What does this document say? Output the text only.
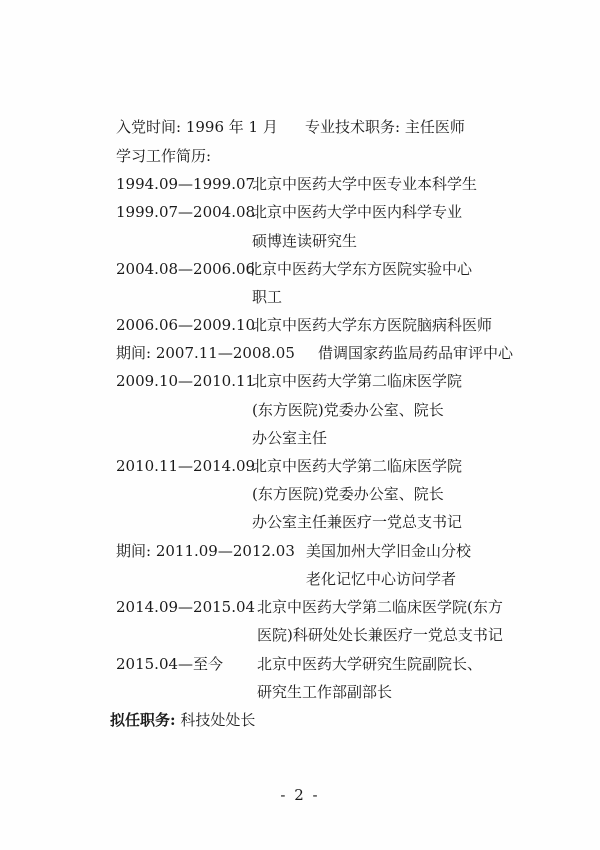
入党时间: 1996 年 1 月 专业技术职务: 主任医师
学习工作简历:
1994.09—1999.07
北京中医药大学中医专业本科学生
1999.07—2004.08
北京中医药大学中医内科学专业
硕博连读研究生
2004.08—2006.06
北京中医药大学东方医院实验中心
职工
2006.06—2009.10
北京中医药大学东方医院脑病科医师
期间: 2007.11—2008.05 借调国家药监局药品审评中心
2009.10—2010.11
北京中医药大学第二临床医学院
(东方医院)党委办公室、院长
办公室主任
2010.11—2014.09
北京中医药大学第二临床医学院
(东方医院)党委办公室、院长
办公室主任兼医疗一党总支书记
期间: 2011.09—2012.03 美国加州大学旧金山分校
老化记忆中心访问学者
2014.09—2015.04 北京中医药大学第二临床医学院(东方
医院)科研处处长兼医疗一党总支书记
2015.04—至今 北京中医药大学研究生院副院长、
研究生工作部副部长
拟任职务: 科技处处长
- 2 -
